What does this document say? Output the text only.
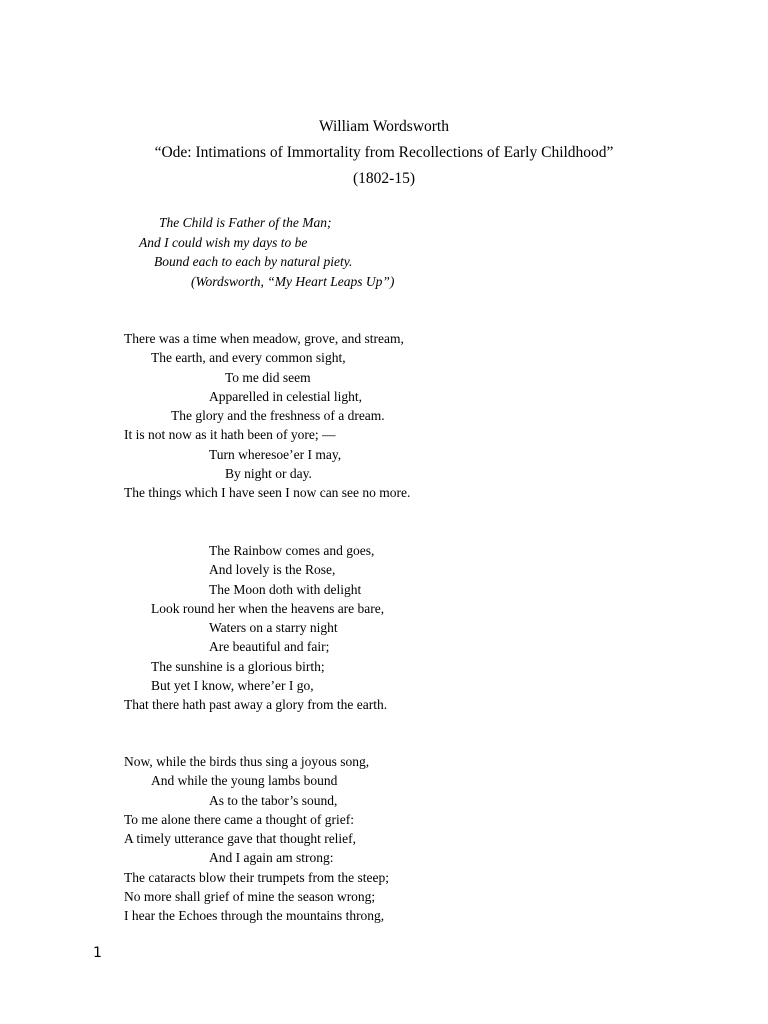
William Wordsworth
“Ode: Intimations of Immortality from Recollections of Early Childhood”
(1802-15)
The Child is Father of the Man;
And I could wish my days to be
Bound each to each by natural piety.
(Wordsworth, “My Heart Leaps Up”)
There was a time when meadow, grove, and stream,
The earth, and every common sight,
To me did seem
Apparelled in celestial light,
The glory and the freshness of a dream.
It is not now as it hath been of yore; —
Turn wheresoe’er I may,
By night or day.
The things which I have seen I now can see no more.
The Rainbow comes and goes,
And lovely is the Rose,
The Moon doth with delight
Look round her when the heavens are bare,
Waters on a starry night
Are beautiful and fair;
The sunshine is a glorious birth;
But yet I know, where’er I go,
That there hath past away a glory from the earth.
Now, while the birds thus sing a joyous song,
And while the young lambs bound
As to the tabor’s sound,
To me alone there came a thought of grief:
A timely utterance gave that thought relief,
And I again am strong:
The cataracts blow their trumpets from the steep;
No more shall grief of mine the season wrong;
I hear the Echoes through the mountains throng,
1
